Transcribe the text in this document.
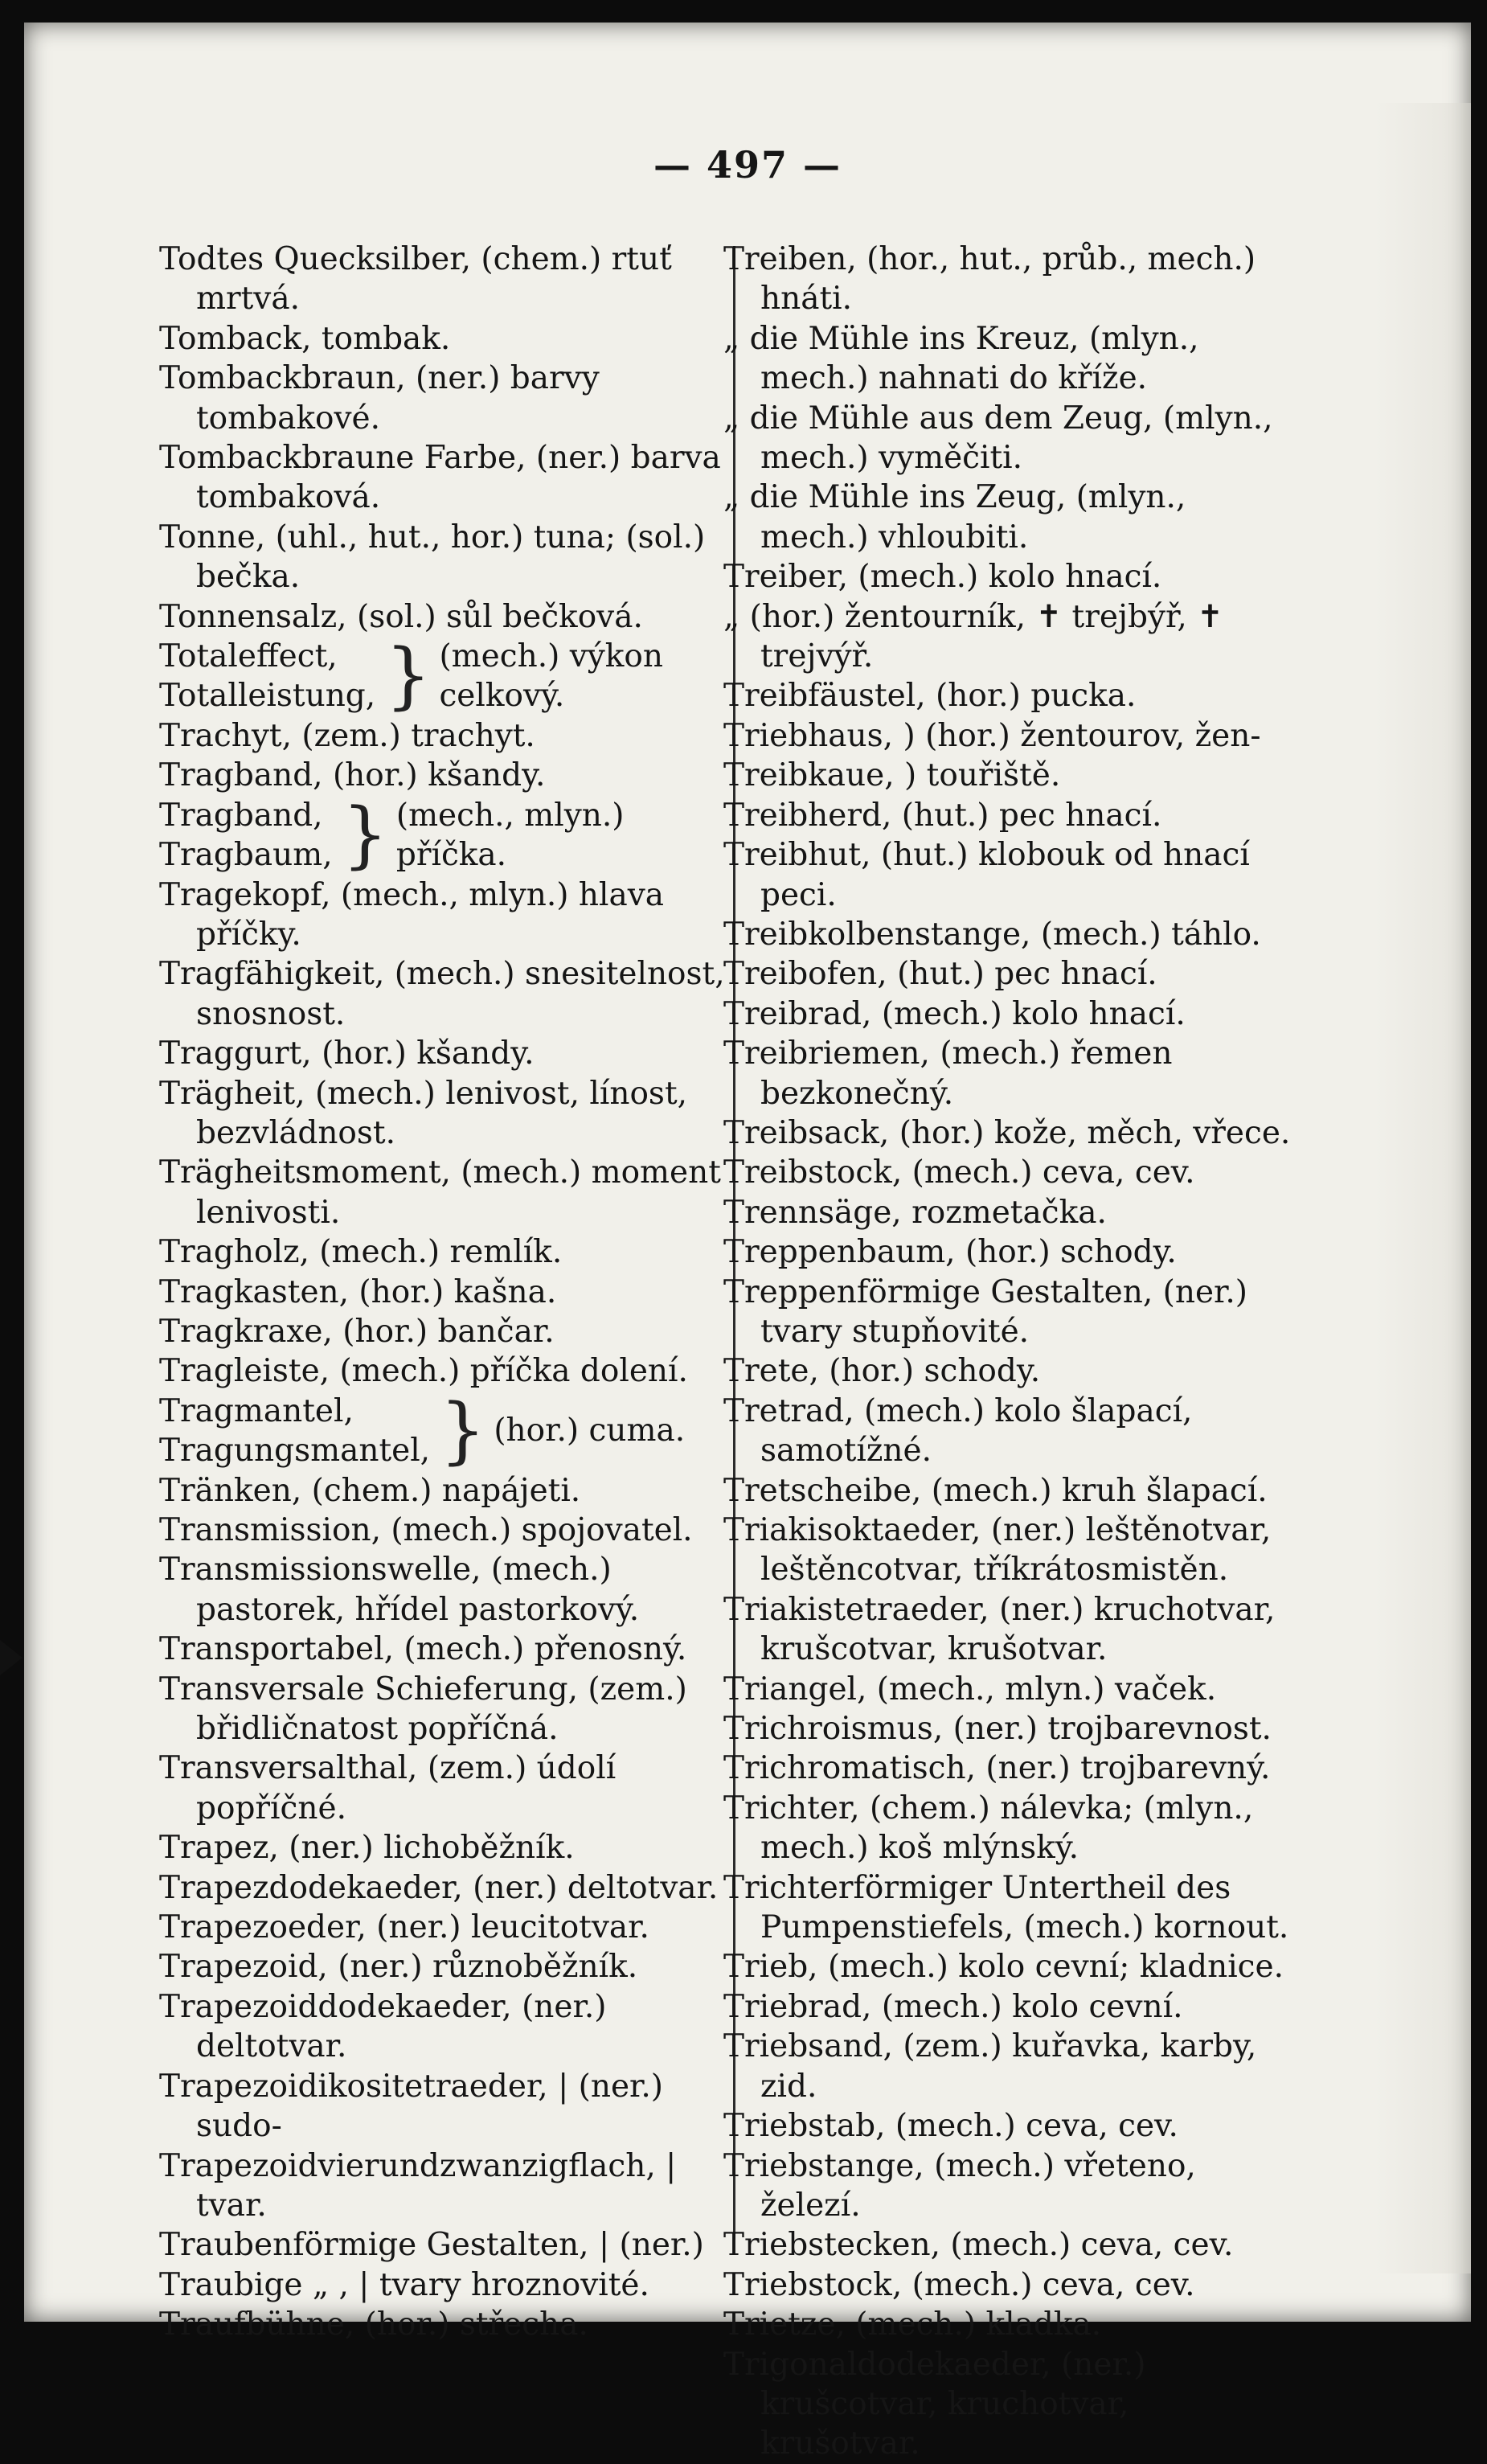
— 497 —
Todtes Quecksilber, (chem.) rtuť mrtvá.
Tomback, tombak.
Tombackbraun, (ner.) barvy tombakové.
Tombackbraune Farbe, (ner.) barva tombaková.
Tonne, (uhl., hut., hor.) tuna; (sol.) bečka.
Tonnensalz, (sol.) sůl bečková.
Totaleffect,
Totalleistung, } (mech.) výkon celkový.
Trachyt, (zem.) trachyt.
Tragband, (hor.) kšandy.
Tragband,
Tragbaum, } (mech., mlyn.) příčka.
Tragekopf, (mech., mlyn.) hlava příčky.
Tragfähigkeit, (mech.) snesitelnost, snosnost.
Traggurt, (hor.) kšandy.
Trägheit, (mech.) lenivost, línost, bezvládnost.
Trägheitsmoment, (mech.) moment lenivosti.
Tragholz, (mech.) remlík.
Tragkasten, (hor.) kašna.
Tragkraxe, (hor.) bančar.
Tragleiste, (mech.) příčka dolení.
Tragmantel,
Tragungsmantel, } (hor.) cuma.
Tränken, (chem.) napájeti.
Transmission, (mech.) spojovatel.
Transmissionswelle, (mech.) pastorek, hřídel pastorkový.
Transportabel, (mech.) přenosný.
Transversale Schieferung, (zem.) břidličnatost popříčná.
Transversalthal, (zem.) údolí popříčné.
Trapez, (ner.) lichoběžník.
Trapezdodekaeder, (ner.) deltotvar.
Trapezoeder, (ner.) leucitotvar.
Trapezoid, (ner.) různoběžník.
Trapezoiddodekaeder, (ner.) deltotvar.
Trapezoidikositetraeder, | (ner.) sudo-
Trapezoidvierundzwanzigflach, | tvar.
Traubenförmige Gestalten, | (ner.)
Traubige „ , | tvary hroznovité.
Traufbühne, (hor.) střecha.
Treiben, (hor., hut., průb., mech.) hnáti.
„ die Mühle ins Kreuz, (mlyn., mech.) nahnati do kříže.
„ die Mühle aus dem Zeug, (mlyn., mech.) vyměčiti.
„ die Mühle ins Zeug, (mlyn., mech.) vhloubiti.
Treiber, (mech.) kolo hnací.
„ (hor.) žentourník, ✝ trejbýř, ✝ trejvýř.
Treibfäustel, (hor.) pucka.
Triebhaus, ) (hor.) žentourov, žen-
Treibkaue, ) touřiště.
Treibherd, (hut.) pec hnací.
Treibhut, (hut.) klobouk od hnací peci.
Treibkolbenstange, (mech.) táhlo.
Treibofen, (hut.) pec hnací.
Treibrad, (mech.) kolo hnací.
Treibriemen, (mech.) řemen bezkonečný.
Treibsack, (hor.) kože, měch, vřece.
Treibstock, (mech.) ceva, cev.
Trennsäge, rozmetačka.
Treppenbaum, (hor.) schody.
Treppenförmige Gestalten, (ner.) tvary stupňovité.
Trete, (hor.) schody.
Tretrad, (mech.) kolo šlapací, samotížné.
Tretscheibe, (mech.) kruh šlapací.
Triakisoktaeder, (ner.) leštěnotvar, leštěncotvar, tříkrátosmistěn.
Triakistetraeder, (ner.) kruchotvar, krušcotvar, krušotvar.
Triangel, (mech., mlyn.) vaček.
Trichroismus, (ner.) trojbarevnost.
Trichromatisch, (ner.) trojbarevný.
Trichter, (chem.) nálevka; (mlyn., mech.) koš mlýnský.
Trichterförmiger Untertheil des Pumpenstiefels, (mech.) kornout.
Trieb, (mech.) kolo cevní; kladnice.
Triebrad, (mech.) kolo cevní.
Triebsand, (zem.) kuřavka, karby, zid.
Triebstab, (mech.) ceva, cev.
Triebstange, (mech.) vřeteno, železí.
Triebstecken, (mech.) ceva, cev.
Triebstock, (mech.) ceva, cev.
Trietze, (mech.) kladka.
Trigonaldodekaeder, (ner.) krušcotvar, kruchotvar, krušotvar.
